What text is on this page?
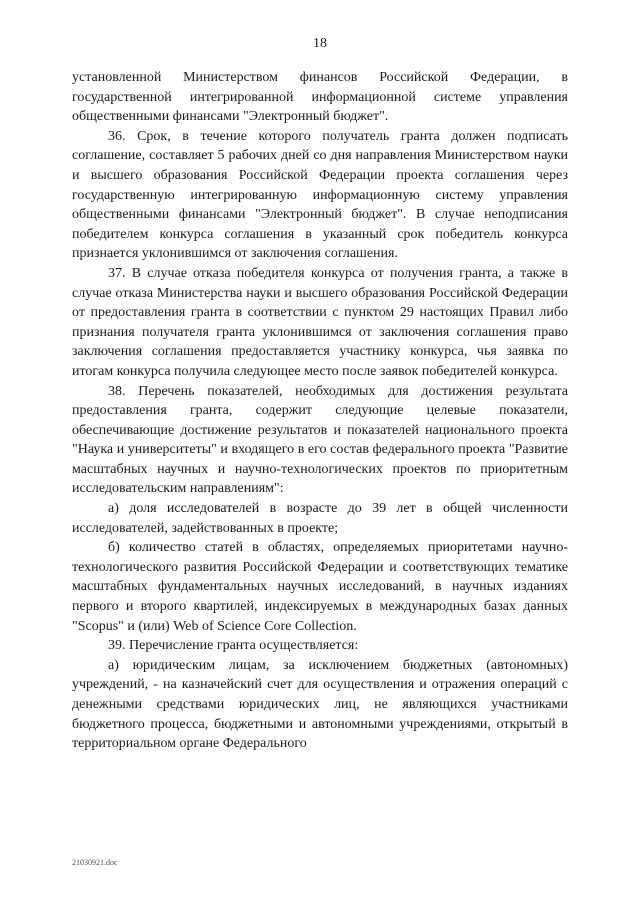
18

установленной Министерством финансов Российской Федерации, в государственной интегрированной информационной системе управления общественными финансами "Электронный бюджет".

36. Срок, в течение которого получатель гранта должен подписать соглашение, составляет 5 рабочих дней со дня направления Министерством науки и высшего образования Российской Федерации проекта соглашения через государственную интегрированную информационную систему управления общественными финансами "Электронный бюджет". В случае неподписания победителем конкурса соглашения в указанный срок победитель конкурса признается уклонившимся от заключения соглашения.

37. В случае отказа победителя конкурса от получения гранта, а также в случае отказа Министерства науки и высшего образования Российской Федерации от предоставления гранта в соответствии с пунктом 29 настоящих Правил либо признания получателя гранта уклонившимся от заключения соглашения право заключения соглашения предоставляется участнику конкурса, чья заявка по итогам конкурса получила следующее место после заявок победителей конкурса.

38. Перечень показателей, необходимых для достижения результата предоставления гранта, содержит следующие целевые показатели, обеспечивающие достижение результатов и показателей национального проекта "Наука и университеты" и входящего в его состав федерального проекта "Развитие масштабных научных и научно-технологических проектов по приоритетным исследовательским направлениям":

а) доля исследователей в возрасте до 39 лет в общей численности исследователей, задействованных в проекте;

б) количество статей в областях, определяемых приоритетами научно-технологического развития Российской Федерации и соответствующих тематике масштабных фундаментальных научных исследований, в научных изданиях первого и второго квартилей, индексируемых в международных базах данных "Scopus" и (или) Web of Science Core Collection.

39. Перечисление гранта осуществляется:

а) юридическим лицам, за исключением бюджетных (автономных) учреждений, - на казначейский счет для осуществления и отражения операций с денежными средствами юридических лиц, не являющихся участниками бюджетного процесса, бюджетными и автономными учреждениями, открытый в территориальном органе Федерального

21030921.doc
